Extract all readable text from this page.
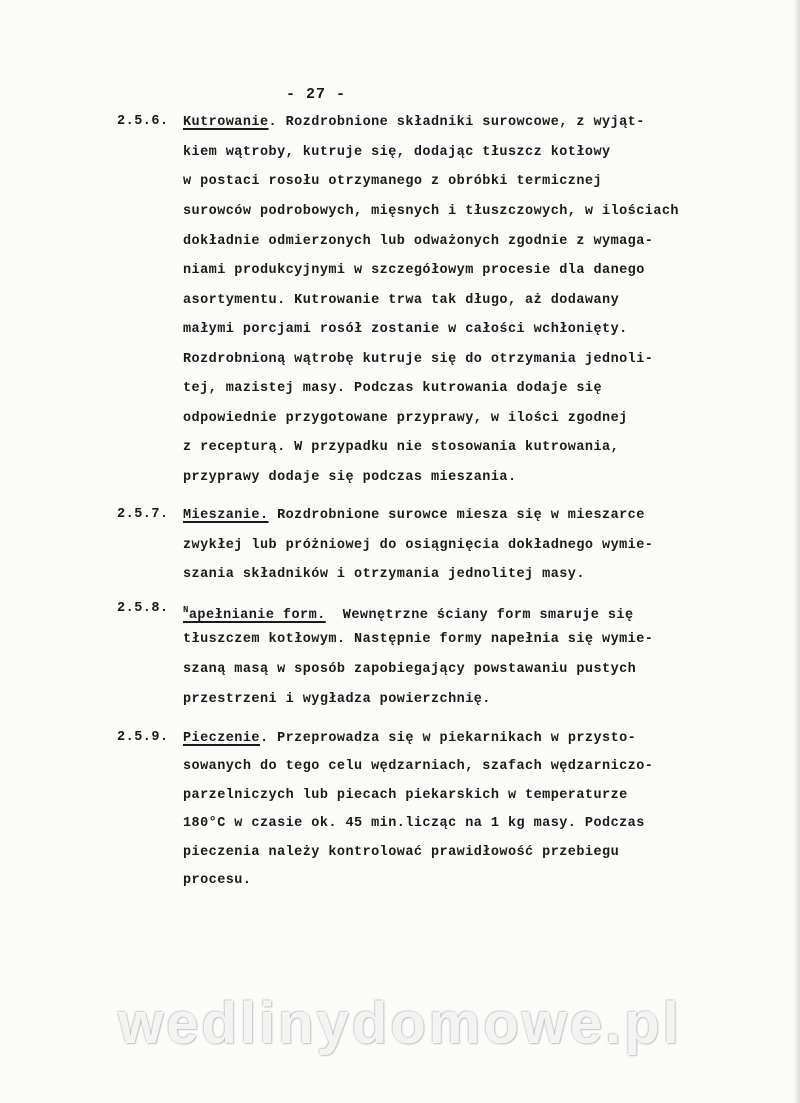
- 27 -
2.5.6. Kutrowanie. Rozdrobnione składniki surowcowe, z wyjąt-
kiem wątroby, kutruje się, dodając tłuszcz kotłowy
w postaci rosołu otrzymanego z obróbki termicznej
surowców podrobowych, mięsnych i tłuszczowych, w ilościach
dokładnie odmierzonych lub odważonych zgodnie z wymaga-
niami produkcyjnymi w szczegółowym procesie dla danego
asortymentu. Kutrowanie trwa tak długo, aż dodawany
małymi porcjami rosół zostanie w całości wchłonięty.
Rozdrobnioną wątrobę kutruje się do otrzymania jednoli-
tej, mazistej masy. Podczas kutrowania dodaje się
odpowiednie przygotowane przyprawy, w ilości zgodnej
z recepturą. W przypadku nie stosowania kutrowania,
przyprawy dodaje się podczas mieszania.
2.5.7. Mieszanie. Rozdrobnione surowce miesza się w mieszarce
zwykłej lub próżniowej do osiągnięcia dokładnego wymie-
szania składników i otrzymania jednolitej masy.
2.5.8. $^N$apełnianie form.  Wewnętrzne ściany form smaruje się
tłuszczem kotłowym. Następnie formy napełnia się wymie-
szaną masą w sposób zapobiegający powstawaniu pustych
przestrzeni i wygładza powierzchnię.
2.5.9. Pieczenie. Przeprowadza się w piekarnikach w przysto-
sowanych do tego celu wędzarniach, szafach wędzarniczo-
parzelniczych lub piecach piekarskich w temperaturze
180°C w czasie ok. 45 min.licząc na 1 kg masy. Podczas
pieczenia należy kontrolować prawidłowość przebiegu
procesu.
wedlinydomowe.pl
